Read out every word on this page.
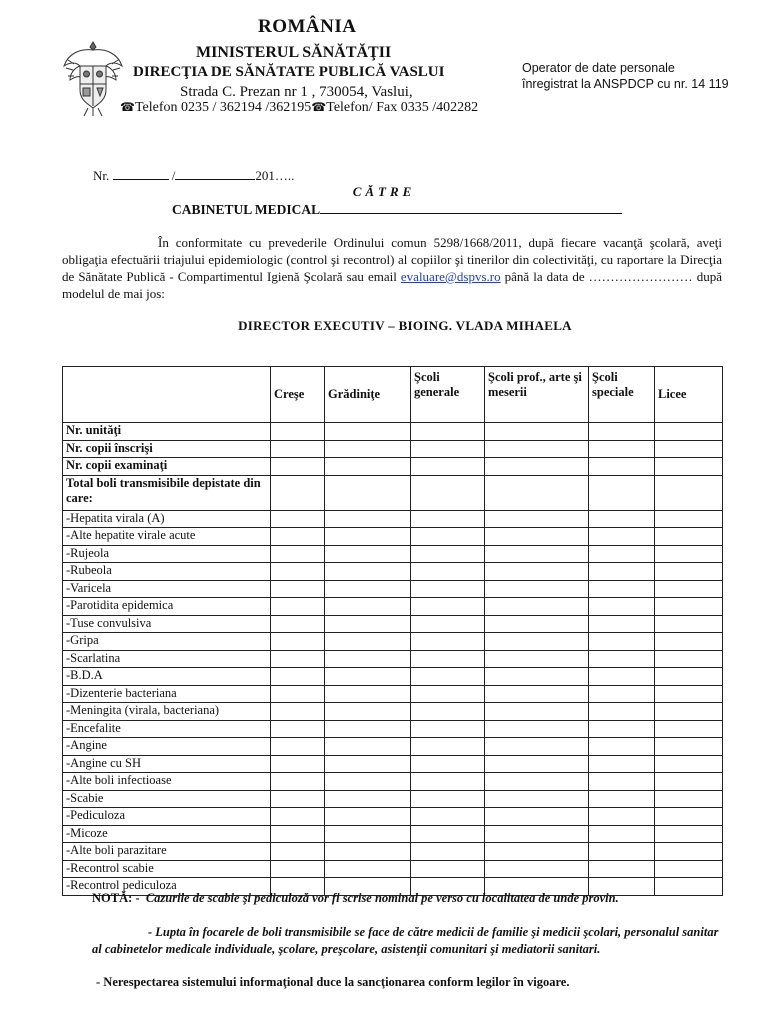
ROMÂNIA
MINISTERUL SĂNĂTĂŢII
DIRECŢIA DE SĂNĂTATE PUBLICĂ VASLUI
Strada C. Prezan nr 1 , 730054, Vaslui,
☎Telefon 0235 / 362194 /362195☎Telefon/ Fax 0335 /402282
Operator de date personale înregistrat la ANSPDCP cu nr. 14 119
Nr.	/	201…..
CĂTRE
CABINETUL MEDICAL
În conformitate cu prevederile Ordinului comun 5298/1668/2011, după fiecare vacanţă şcolară, aveţi obligaţia efectuării triajului epidemiologic (control şi recontrol) al copiilor şi tinerilor din colectivităţi, cu raportare la Direcţia de Sănătate Publică - Compartimentul Igienă Şcolară sau email evaluare@dspvs.ro până la data de …………………… după modelul de mai jos:
DIRECTOR EXECUTIV – BIOING. VLADA MIHAELA
	Creşe	Grădiniţe	Şcoli generale	Şcoli prof., arte şi meserii	Şcoli speciale	Licee
Nr. unităţi						
Nr. copii înscrişi						
Nr. copii examinaţi						
Total boli transmisibile depistate din care:						
-Hepatita virala (A)						
-Alte hepatite virale acute						
-Rujeola						
-Rubeola						
-Varicela						
-Parotidita epidemica						
-Tuse convulsiva						
-Gripa						
-Scarlatina						
-B.D.A						
-Dizenterie bacteriana						
-Meningita (virala, bacteriana)						
-Encefalite						
-Angine						
-Angine cu SH						
-Alte boli infectioase						
-Scabie						
-Pediculoza						
-Micoze						
-Alte boli parazitare						
-Recontrol scabie						
-Recontrol pediculoza						
NOTĂ: - Cazurile de scabie şi pediculoză vor fi scrise nominal pe verso cu localitatea de unde provin.
- Lupta în focarele de boli transmisibile se face de către medicii de familie şi medicii şcolari, personalul sanitar al cabinetelor medicale individuale, şcolare, preşcolare, asistenţii comunitari şi mediatorii sanitari.
- Nerespectarea sistemului informaţional duce la sancţionarea conform legilor în vigoare.
